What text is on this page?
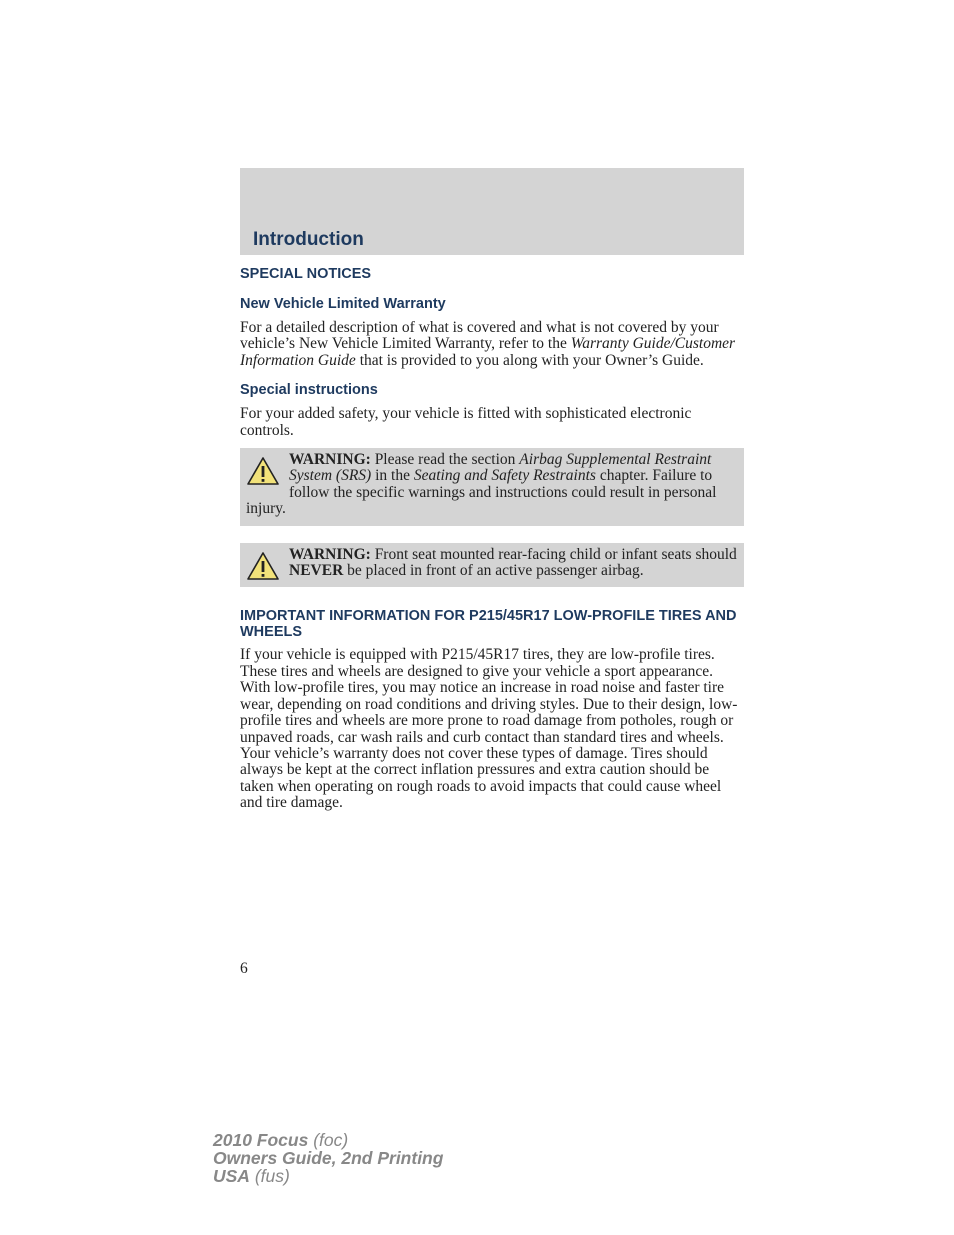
Introduction
SPECIAL NOTICES
New Vehicle Limited Warranty

For a detailed description of what is covered and what is not covered by your vehicle’s New Vehicle Limited Warranty, refer to the Warranty Guide/Customer Information Guide that is provided to you along with your Owner’s Guide.

Special instructions

For your added safety, your vehicle is fitted with sophisticated electronic controls.

WARNING: Please read the section Airbag Supplemental Restraint System (SRS) in the Seating and Safety Restraints chapter. Failure to follow the specific warnings and instructions could result in personal injury.
WARNING: Front seat mounted rear-facing child or infant seats should NEVER be placed in front of an active passenger airbag.
IMPORTANT INFORMATION FOR P215/45R17 LOW-PROFILE TIRES AND WHEELS

If your vehicle is equipped with P215/45R17 tires, they are low-profile tires. These tires and wheels are designed to give your vehicle a sport appearance. With low-profile tires, you may notice an increase in road noise and faster tire wear, depending on road conditions and driving styles. Due to their design, low-profile tires and wheels are more prone to road damage from potholes, rough or unpaved roads, car wash rails and curb contact than standard tires and wheels. Your vehicle’s warranty does not cover these types of damage. Tires should always be kept at the correct inflation pressures and extra caution should be taken when operating on rough roads to avoid impacts that could cause wheel and tire damage.

6
2010 Focus (foc)
Owners Guide, 2nd Printing
USA (fus)
